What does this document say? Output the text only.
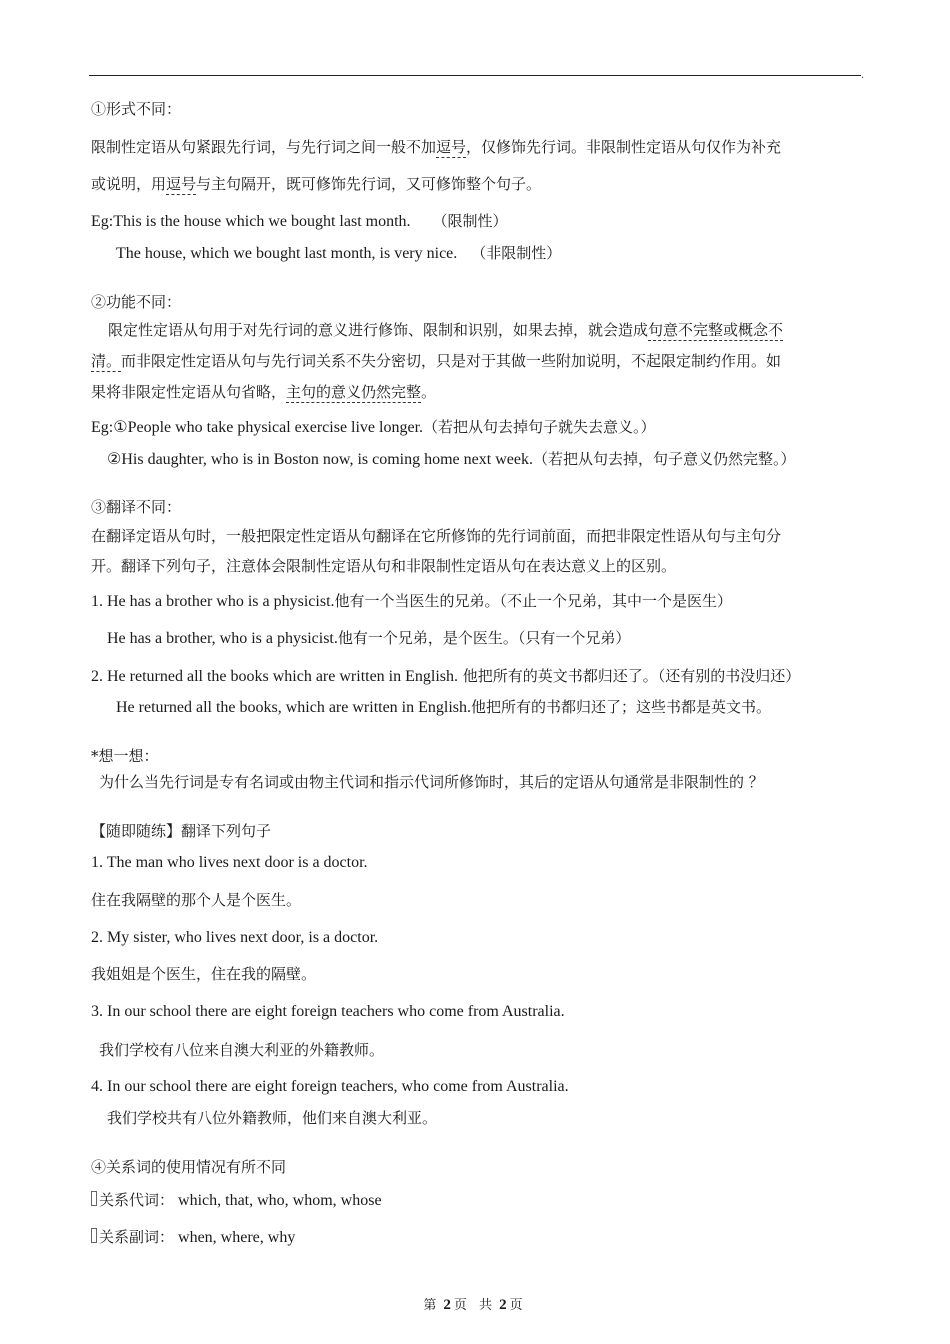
.
①形式不同：
限制性定语从句紧跟先行词，与先行词之间一般不加逗号，仅修饰先行词。非限制性定语从句仅作为补充
或说明，用逗号与主句隔开，既可修饰先行词，又可修饰整个句子。
Eg:This is the house which we bought last month. （限制性）
The house, which we bought last month, is very nice. （非限制性）
②功能不同：
限定性定语从句用于对先行词的意义进行修饰、限制和识别，如果去掉，就会造成句意不完整或概念不
清。而非限定性定语从句与先行词关系不失分密切，只是对于其做一些附加说明，不起限定制约作用。如
果将非限定性定语从句省略，主句的意义仍然完整。
Eg:①People who take physical exercise live longer.（若把从句去掉句子就失去意义。）
②His daughter, who is in Boston now, is coming home next week.（若把从句去掉，句子意义仍然完整。）
③翻译不同：
在翻译定语从句时，一般把限定性定语从句翻译在它所修饰的先行词前面，而把非限定性语从句与主句分
开。翻译下列句子，注意体会限制性定语从句和非限制性定语从句在表达意义上的区别。
1. He has a brother who is a physicist.他有一个当医生的兄弟。（不止一个兄弟，其中一个是医生）
He has a brother, who is a physicist.他有一个兄弟，是个医生。（只有一个兄弟）
2. He returned all the books which are written in English. 他把所有的英文书都归还了。（还有别的书没归还）
He returned all the books, which are written in English.他把所有的书都归还了；这些书都是英文书。
*想一想：
为什么当先行词是专有名词或由物主代词和指示代词所修饰时，其后的定语从句通常是非限制性的 ？
【随即随练】翻译下列句子
1. The man who lives next door is a doctor.
住在我隔壁的那个人是个医生。
2. My sister, who lives next door, is a doctor.
我姐姐是个医生，住在我的隔壁。
3. In our school there are eight foreign teachers who come from Australia.
我们学校有八位来自澳大利亚的外籍教师。
4. In our school there are eight foreign teachers, who come from Australia.
我们学校共有八位外籍教师，他们来自澳大利亚。
④关系词的使用情况有所不同
关系代词： which, that, who, whom, whose
关系副词： when, where, why
第 2 页 共 2 页
